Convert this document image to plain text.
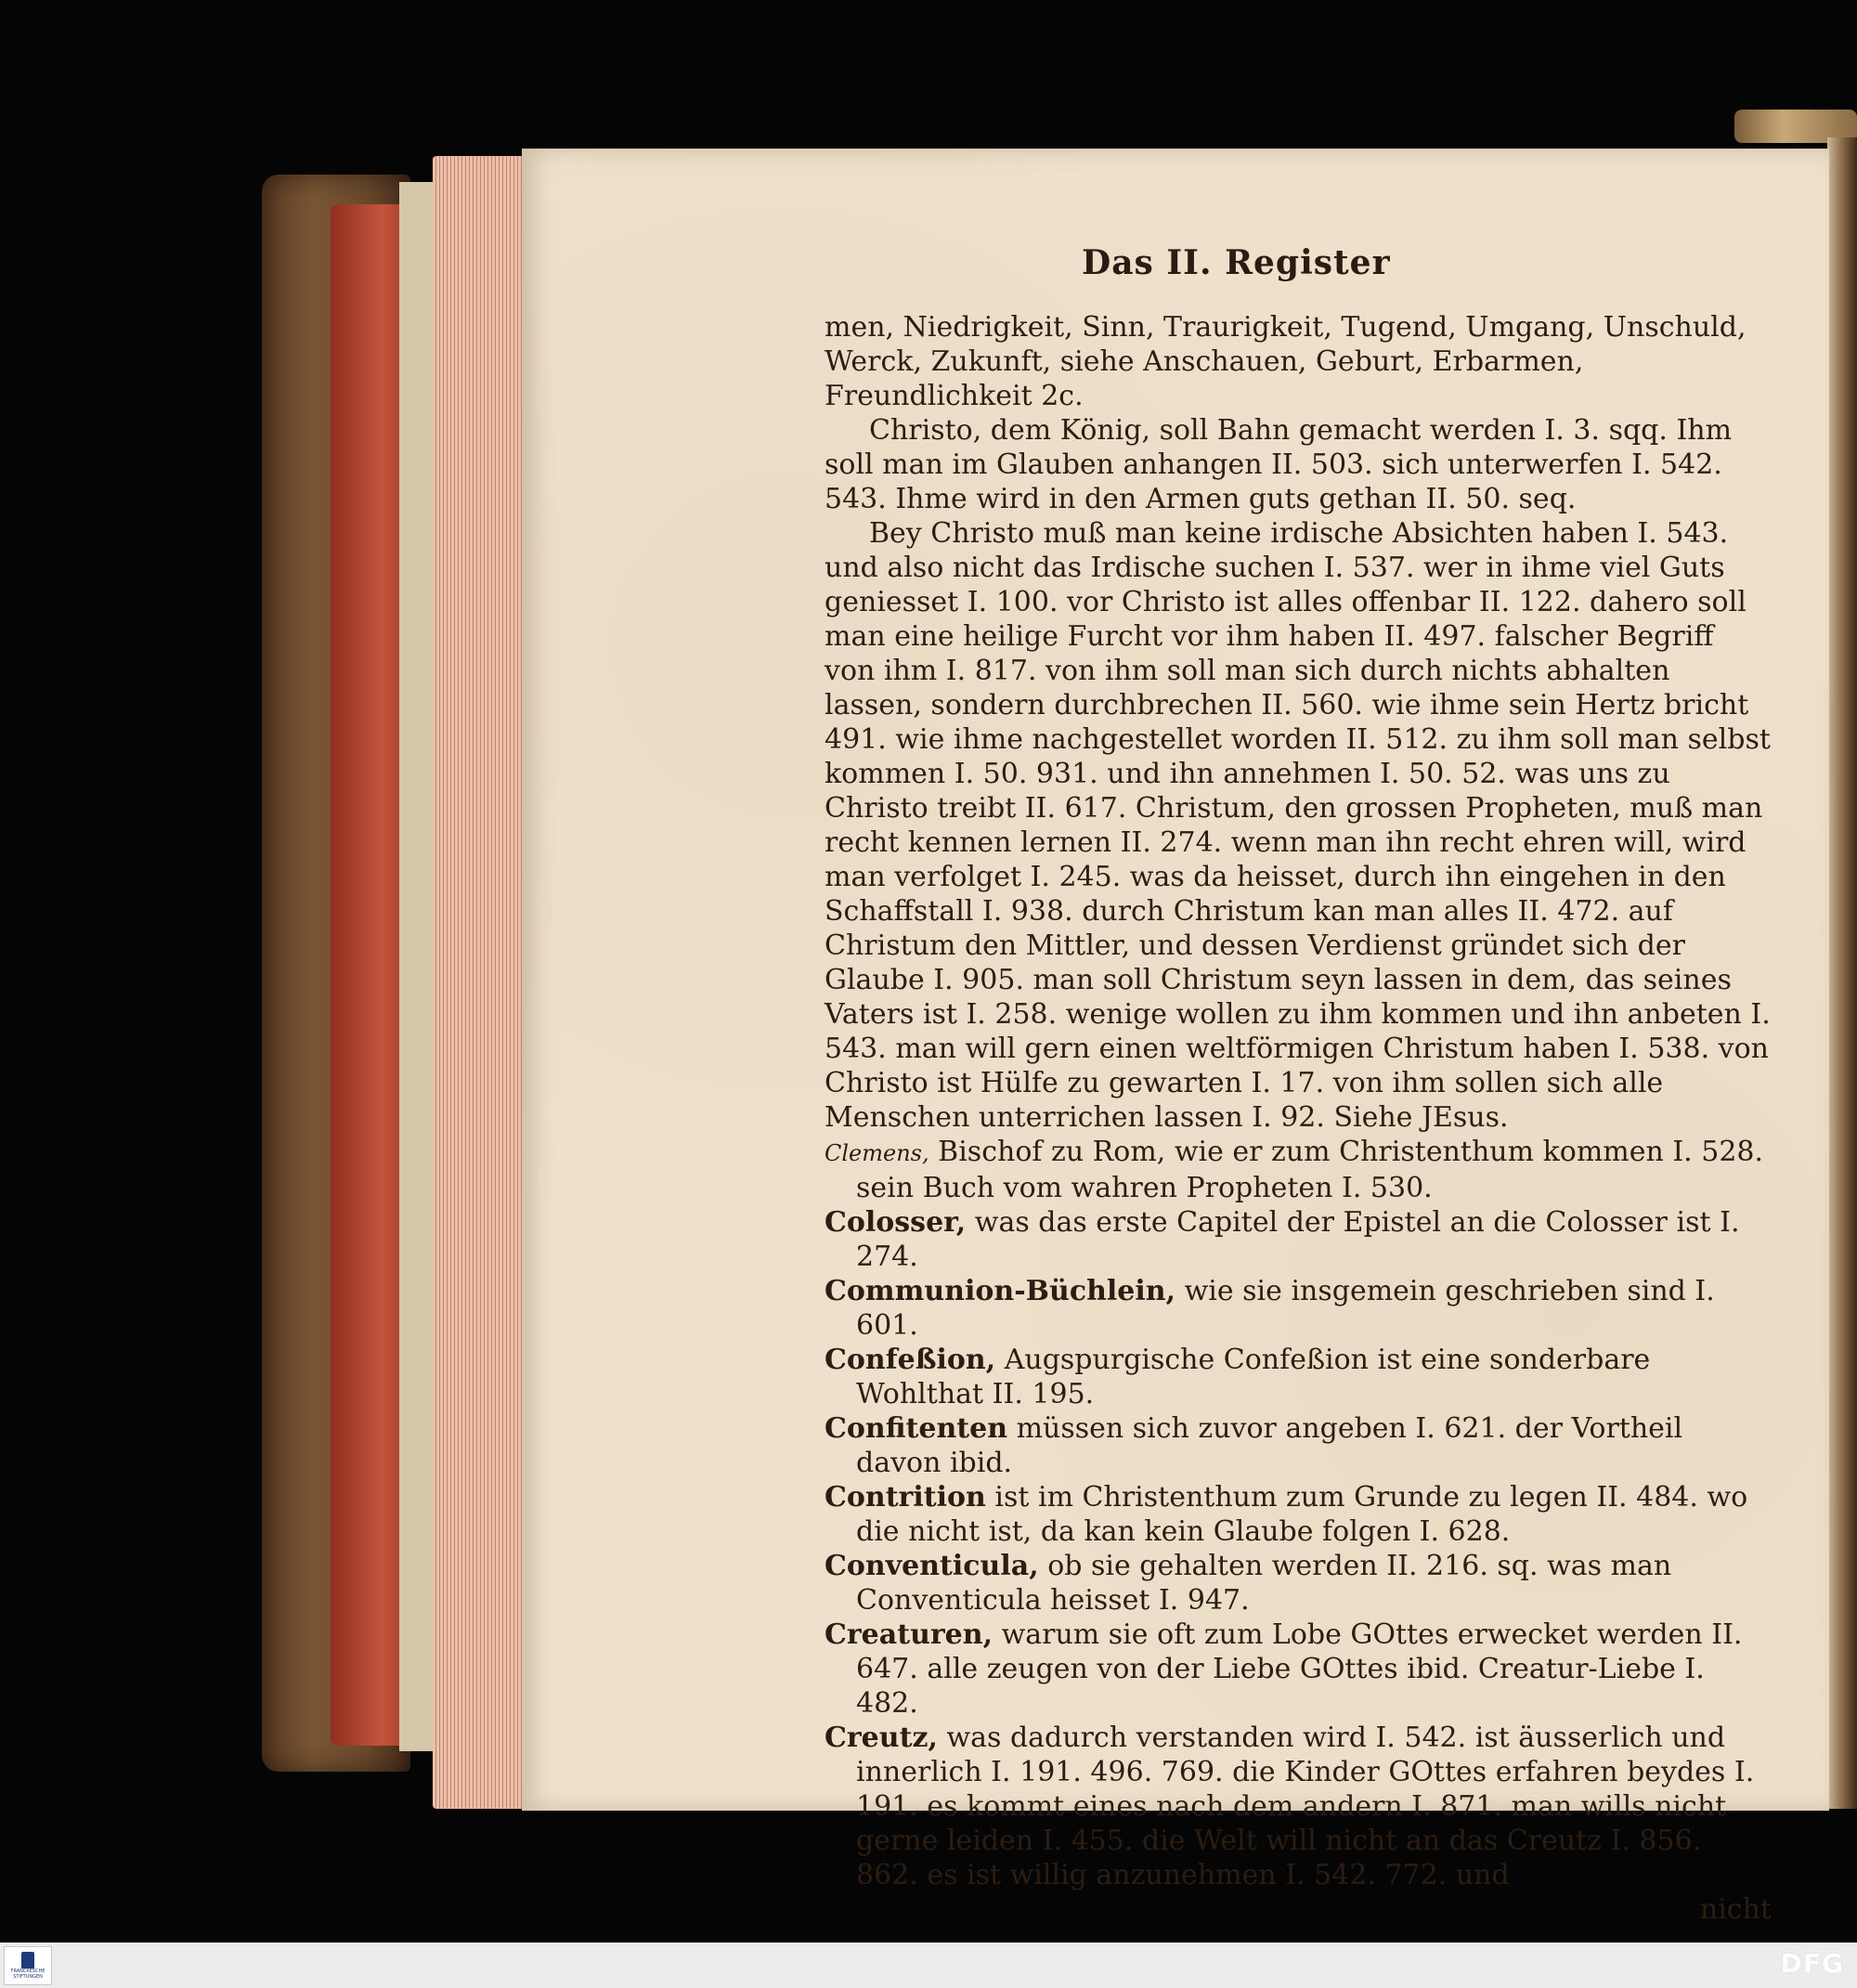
Das II. Register

men, Niedrigkeit, Sinn, Traurigkeit, Tugend, Umgang, Unschuld, Werck, Zukunft, siehe Anschauen, Geburt, Erbarmen, Freundlichkeit 2c.

Christo, dem König, soll Bahn gemacht werden I. 3. sqq. Ihm soll man im Glauben anhangen II. 503. sich unterwerfen I. 542. 543. Ihme wird in den Armen guts gethan II. 50. seq.

Bey Christo muß man keine irdische Absichten haben I. 543. und also nicht das Irdische suchen I. 537. wer in ihme viel Guts geniesset I. 100. vor Christo ist alles offenbar II. 122. dahero soll man eine heilige Furcht vor ihm haben II. 497. falscher Begriff von ihm I. 817. von ihm soll man sich durch nichts abhalten lassen, sondern durchbrechen II. 560. wie ihme sein Hertz bricht 491. wie ihme nachgestellet worden II. 512. zu ihm soll man selbst kommen I. 50. 931. und ihn annehmen I. 50. 52. was uns zu Christo treibt II. 617. Christum, den grossen Propheten, muß man recht kennen lernen II. 274. wenn man ihn recht ehren will, wird man verfolget I. 245. was da heisset, durch ihn eingehen in den Schaffstall I. 938. durch Christum kan man alles II. 472. auf Christum den Mittler, und dessen Verdienst gründet sich der Glaube I. 905. man soll Christum seyn lassen in dem, das seines Vaters ist I. 258. wenige wollen zu ihm kommen und ihn anbeten I. 543. man will gern einen weltförmigen Christum haben I. 538. von Christo ist Hülfe zu gewarten I. 17. von ihm sollen sich alle Menschen unterrichen lassen I. 92. Siehe JEsus.

Clemens, Bischof zu Rom, wie er zum Christenthum kommen I. 528. sein Buch vom wahren Propheten I. 530.

Colosser, was das erste Capitel der Epistel an die Colosser ist I. 274.

Communion-Büchlein, wie sie insgemein geschrieben sind I. 601.

Confeßion, Augspurgische Confeßion ist eine sonderbare Wohlthat II. 195.

Confitenten müssen sich zuvor angeben I. 621. der Vortheil davon ibid.

Contrition ist im Christenthum zum Grunde zu legen II. 484. wo die nicht ist, da kan kein Glaube folgen I. 628.

Conventicula, ob sie gehalten werden II. 216. sq. was man Conventicula heisset I. 947.

Creaturen, warum sie oft zum Lobe GOttes erwecket werden II. 647. alle zeugen von der Liebe GOttes ibid. Creatur-Liebe I. 482.

Creutz, was dadurch verstanden wird I. 542. ist äusserlich und innerlich I. 191. 496. 769. die Kinder GOttes erfahren beydes I. 191. es kommt eines nach dem andern I. 871. man wills nicht gerne leiden I. 455. die Welt will nicht an das Creutz I. 856. 862. es ist willig anzunehmen I. 542. 772. und

nicht

FRANCKESCHE STIFTUNGEN	DFG
